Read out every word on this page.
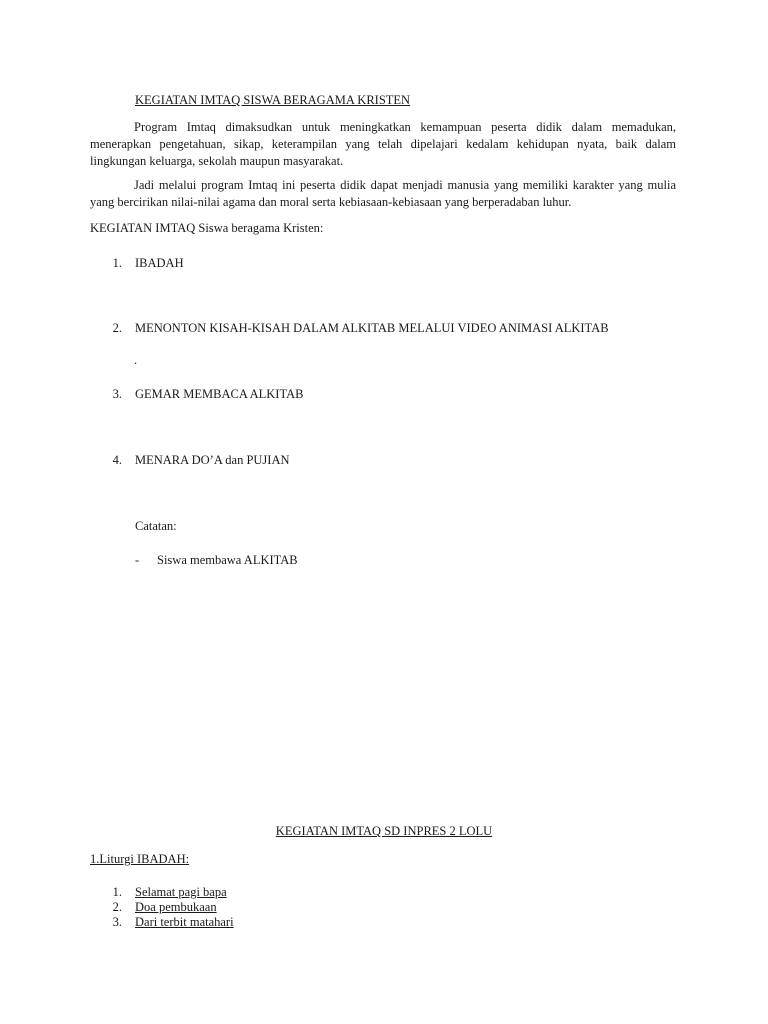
KEGIATAN IMTAQ SISWA BERAGAMA KRISTEN
Program Imtaq dimaksudkan untuk meningkatkan kemampuan peserta didik dalam memadukan, menerapkan pengetahuan, sikap, keterampilan yang telah dipelajari kedalam kehidupan nyata, baik dalam lingkungan keluarga, sekolah maupun masyarakat.
Jadi melalui program Imtaq ini peserta didik dapat menjadi manusia yang memiliki karakter yang mulia yang bercirikan nilai-nilai agama dan moral serta kebiasaan-kebiasaan yang berperadaban luhur.
KEGIATAN IMTAQ Siswa beragama Kristen:
1. IBADAH
2. MENONTON KISAH-KISAH DALAM ALKITAB MELALUI VIDEO ANIMASI ALKITAB
.
3. GEMAR MEMBACA ALKITAB
4. MENARA DO’A dan PUJIAN
Catatan:
- Siswa membawa ALKITAB
KEGIATAN IMTAQ SD INPRES 2 LOLU
1.Liturgi IBADAH:
1. Selamat pagi bapa
2. Doa pembukaan
3. Dari terbit matahari
